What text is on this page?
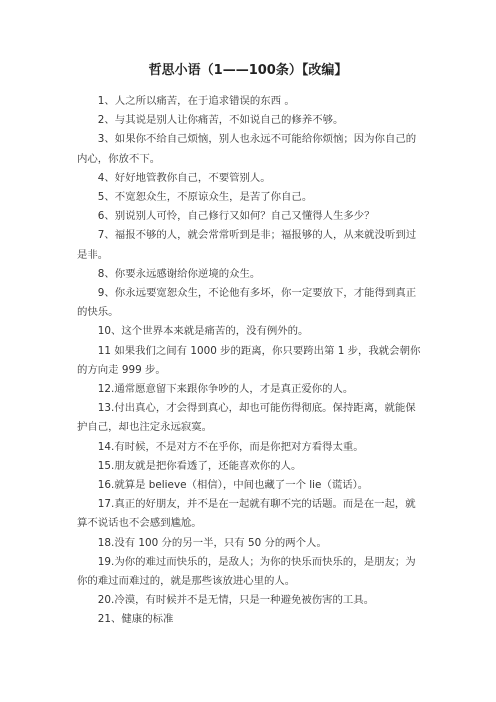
哲思小语（1——100条）【改编】

1、人之所以痛苦，在于追求错误的东西 。

2、与其说是别人让你痛苦，不如说自己的修养不够。

3、如果你不给自己烦恼，别人也永远不可能给你烦恼；因为你自己的内心，你放不下。

4、好好地管教你自己，不要管别人。

5、不宽恕众生，不原谅众生，是苦了你自己。

6、别说别人可怜，自己修行又如何？自己又懂得人生多少？

7、福报不够的人，就会常常听到是非；福报够的人，从来就没听到过是非。

8、你要永远感谢给你逆境的众生。

9、你永远要宽恕众生，不论他有多坏，你一定要放下，才能得到真正的快乐。

10、这个世界本来就是痛苦的，没有例外的。

11 如果我们之间有 1000 步的距离，你只要跨出第 1 步，我就会朝你的方向走 999 步。

12.通常愿意留下来跟你争吵的人，才是真正爱你的人。

13.付出真心，才会得到真心，却也可能伤得彻底。保持距离，就能保护自己，却也注定永远寂寞。

14.有时候，不是对方不在乎你，而是你把对方看得太重。

15.朋友就是把你看透了，还能喜欢你的人。

16.就算是 believe（相信），中间也藏了一个 lie（谎话）。

17.真正的好朋友，并不是在一起就有聊不完的话题。而是在一起，就算不说话也不会感到尴尬。

18.没有 100 分的另一半，只有 50 分的两个人。

19.为你的难过而快乐的，是敌人；为你的快乐而快乐的，是朋友；为你的难过而难过的，就是那些该放进心里的人。

20.冷漠，有时候并不是无情，只是一种避免被伤害的工具。

21、健康的标准
